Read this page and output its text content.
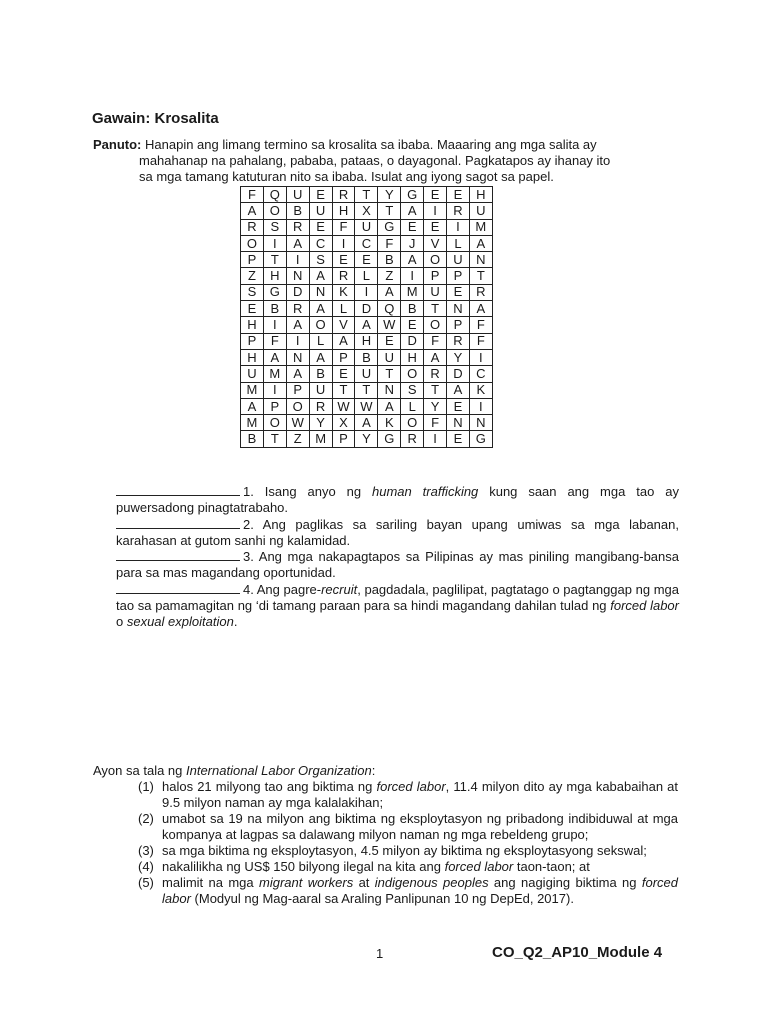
Gawain: Krosalita
Panuto: Hanapin ang limang termino sa krosalita sa ibaba. Maaaring ang mga salita ay
mahahanap na pahalang, pababa, pataas, o dayagonal. Pagkatapos ay ihanay ito
sa mga tamang katuturan nito sa ibaba. Isulat ang iyong sagot sa papel.
F	Q	U	E	R	T	Y	G	E	E	H
A	O	B	U	H	X	T	A	I	R	U
R	S	R	E	F	U	G	E	E	I	M
O	I	A	C	I	C	F	J	V	L	A
P	T	I	S	E	E	B	A	O	U	N
Z	H	N	A	R	L	Z	I	P	P	T
S	G	D	N	K	I	A	M	U	E	R
E	B	R	A	L	D	Q	B	T	N	A
H	I	A	O	V	A	W	E	O	P	F
P	F	I	L	A	H	E	D	F	R	F
H	A	N	A	P	B	U	H	A	Y	I
U	M	A	B	E	U	T	O	R	D	C
M	I	P	U	T	T	N	S	T	A	K
A	P	O	R	W	W	A	L	Y	E	I
M	O	W	Y	X	A	K	O	F	N	N
B	T	Z	M	P	Y	G	R	I	E	G

1. Isang anyo ng human trafficking kung saan ang mga tao ay puwersadong pinagtatrabaho.

2. Ang paglikas sa sariling bayan upang umiwas sa mga labanan, karahasan at gutom sanhi ng kalamidad.

3. Ang mga nakapagtapos sa Pilipinas ay mas piniling mangibang-bansa para sa mas magandang oportunidad.

4. Ang pagre-recruit, pagdadala, paglilipat, pagtatago o pagtanggap ng mga tao sa pamamagitan ng ‘di tamang paraan para sa hindi magandang dahilan tulad ng forced labor o sexual exploitation.

Ayon sa tala ng International Labor Organization:
(1) halos 21 milyong tao ang biktima ng forced labor, 11.4 milyon dito ay mga kababaihan at 9.5 milyon naman ay mga kalalakihan;
(2) umabot sa 19 na milyon ang biktima ng eksploytasyon ng pribadong indibiduwal at mga kompanya at lagpas sa dalawang milyon naman ng mga rebeldeng grupo;
(3) sa mga biktima ng eksploytasyon, 4.5 milyon ay biktima ng eksploytasyong sekswal;
(4) nakalilikha ng US$ 150 bilyong ilegal na kita ang forced labor taon-taon; at
(5) malimit na mga migrant workers at indigenous peoples ang nagiging biktima ng forced labor (Modyul ng Mag-aaral sa Araling Panlipunan 10 ng DepEd, 2017).
1	CO_Q2_AP10_Module 4
